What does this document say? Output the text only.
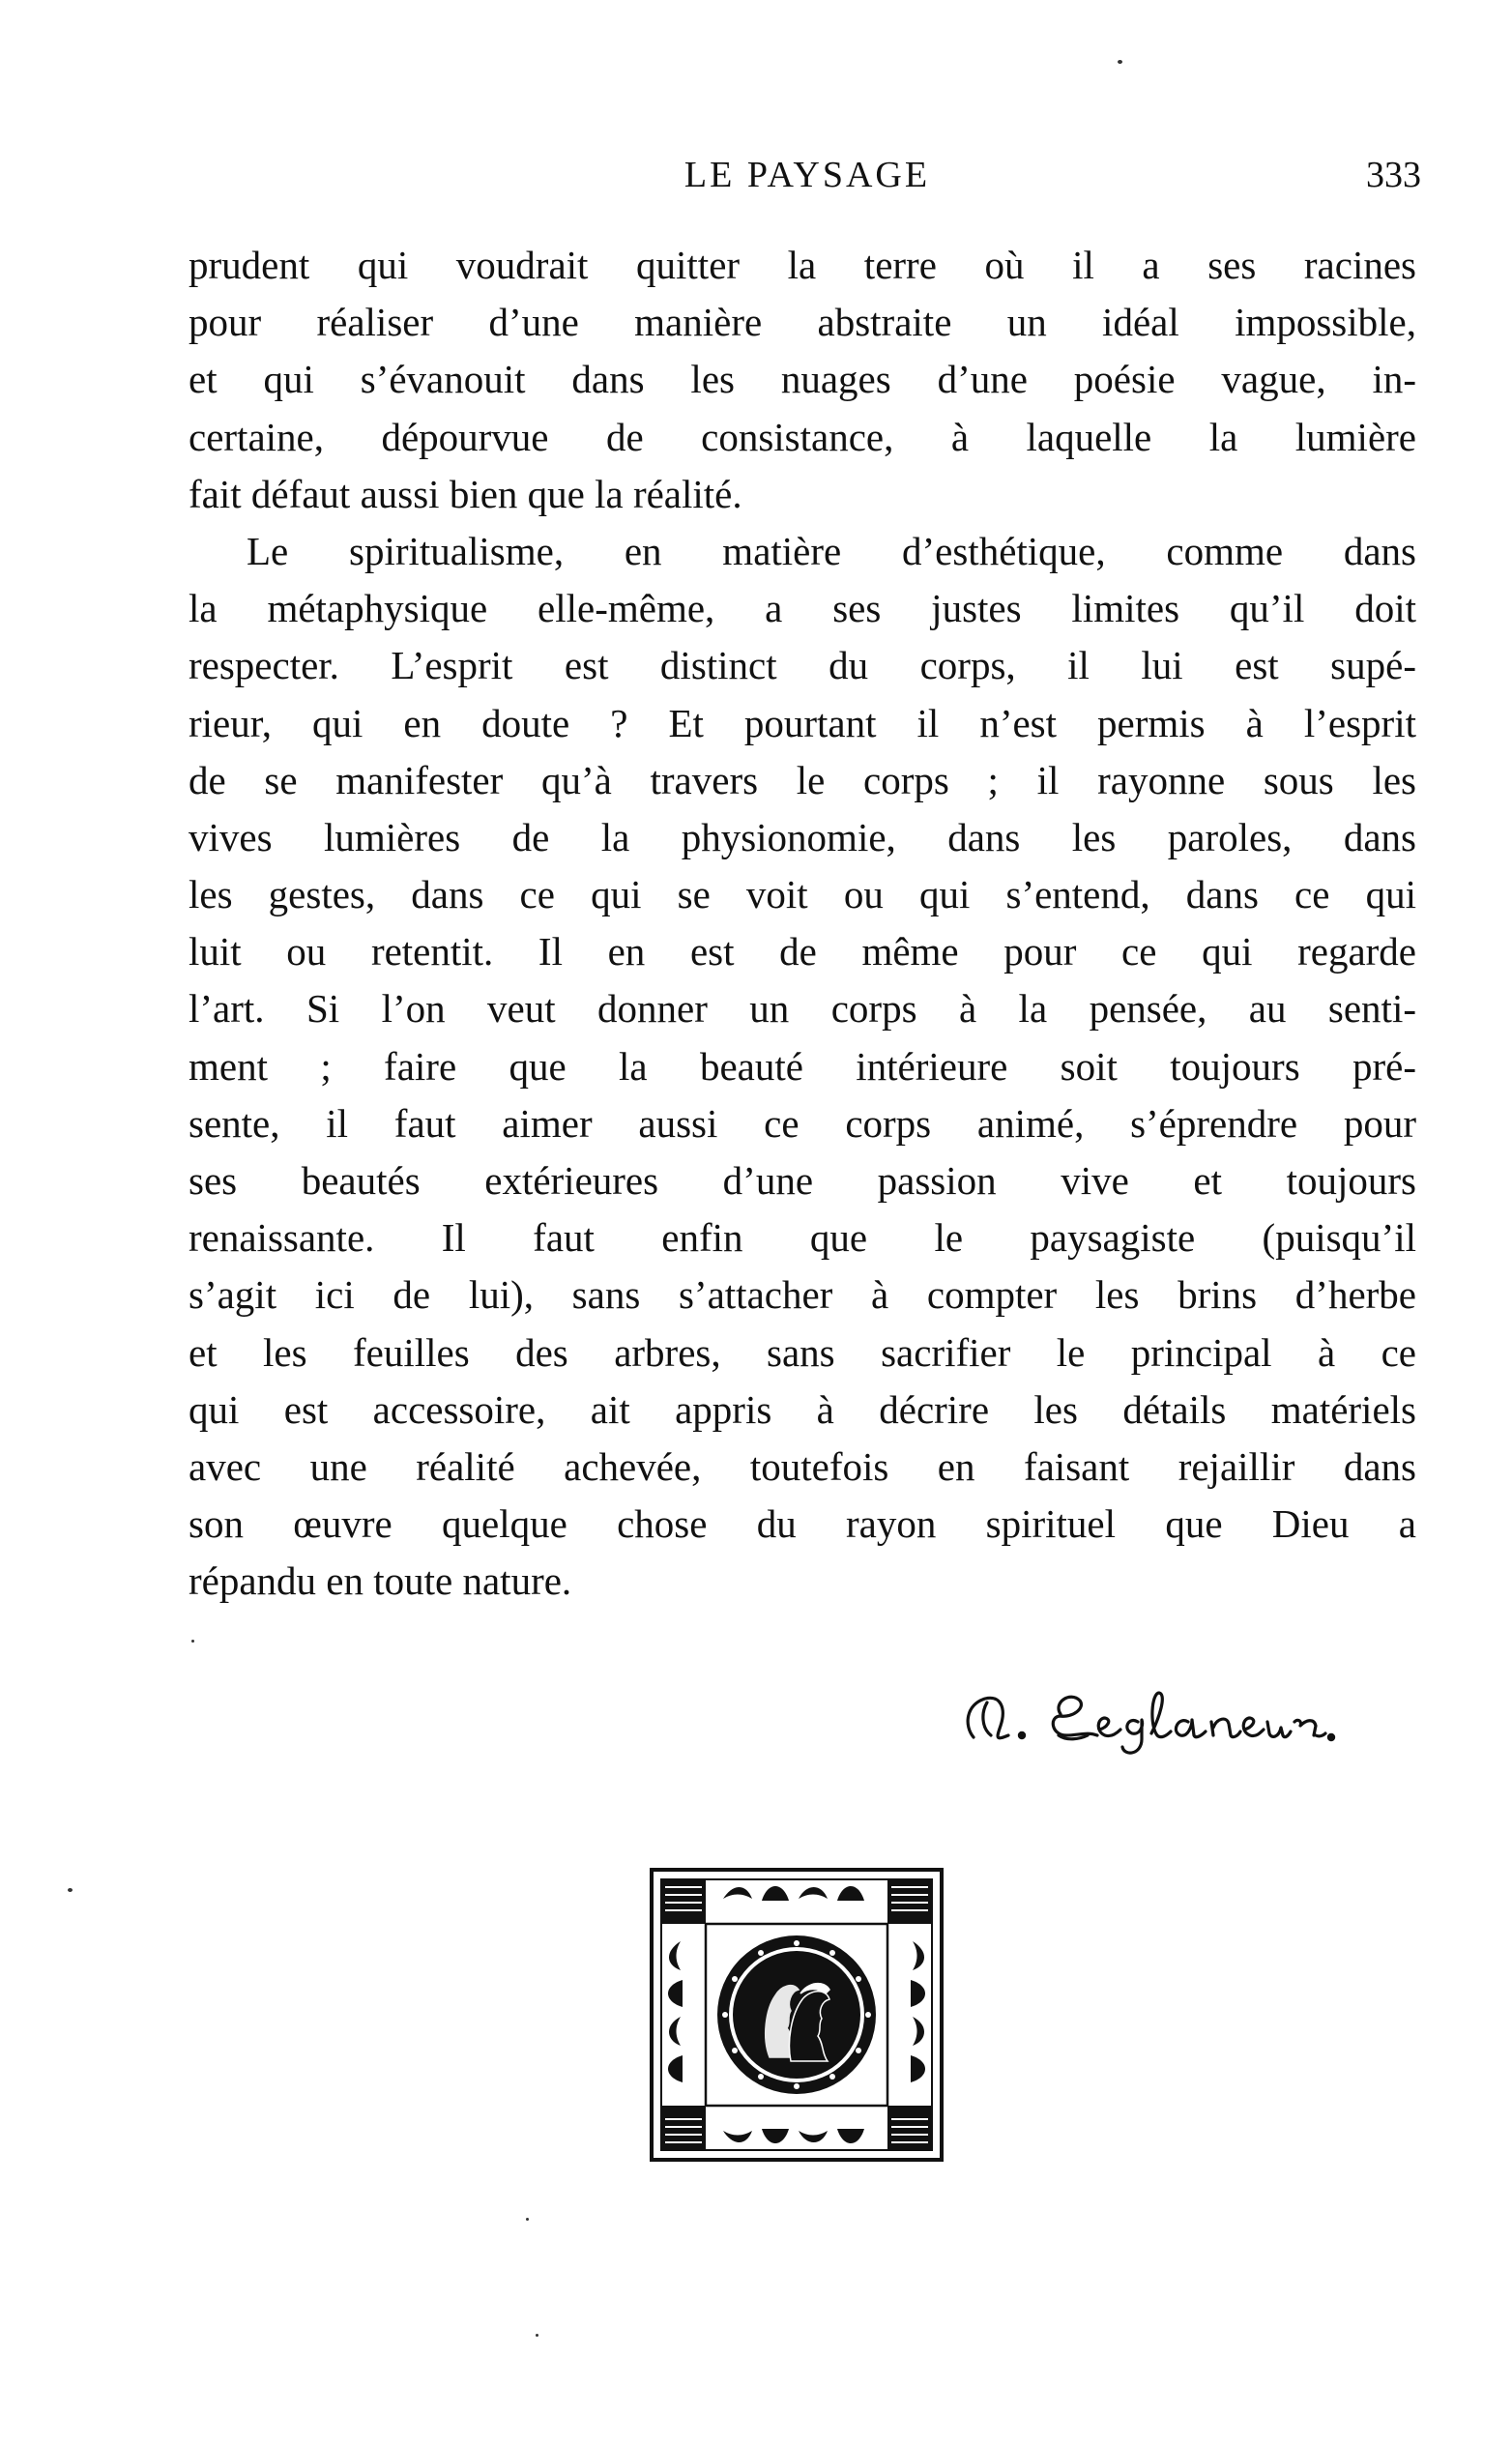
LE PAYSAGE	333
prudent qui voudrait quitter la terre où il a ses racines
pour réaliser d’une manière abstraite un idéal impossible,
et qui s’évanouit dans les nuages d’une poésie vague, in-
certaine, dépourvue de consistance, à laquelle la lumière
fait défaut aussi bien que la réalité.
Le spiritualisme, en matière d’esthétique, comme dans
la métaphysique elle-même, a ses justes limites qu’il doit
respecter. L’esprit est distinct du corps, il lui est supé-
rieur, qui en doute ? Et pourtant il n’est permis à l’esprit
de se manifester qu’à travers le corps ; il rayonne sous les
vives lumières de la physionomie, dans les paroles, dans
les gestes, dans ce qui se voit ou qui s’entend, dans ce qui
luit ou retentit. Il en est de même pour ce qui regarde
l’art. Si l’on veut donner un corps à la pensée, au senti-
ment ; faire que la beauté intérieure soit toujours pré-
sente, il faut aimer aussi ce corps animé, s’éprendre pour
ses beautés extérieures d’une passion vive et toujours
renaissante. Il faut enfin que le paysagiste (puisqu’il
s’agit ici de lui), sans s’attacher à compter les brins d’herbe
et les feuilles des arbres, sans sacrifier le principal à ce
qui est accessoire, ait appris à décrire les détails matériels
avec une réalité achevée, toutefois en faisant rejaillir dans
son œuvre quelque chose du rayon spirituel que Dieu a
répandu en toute nature.
